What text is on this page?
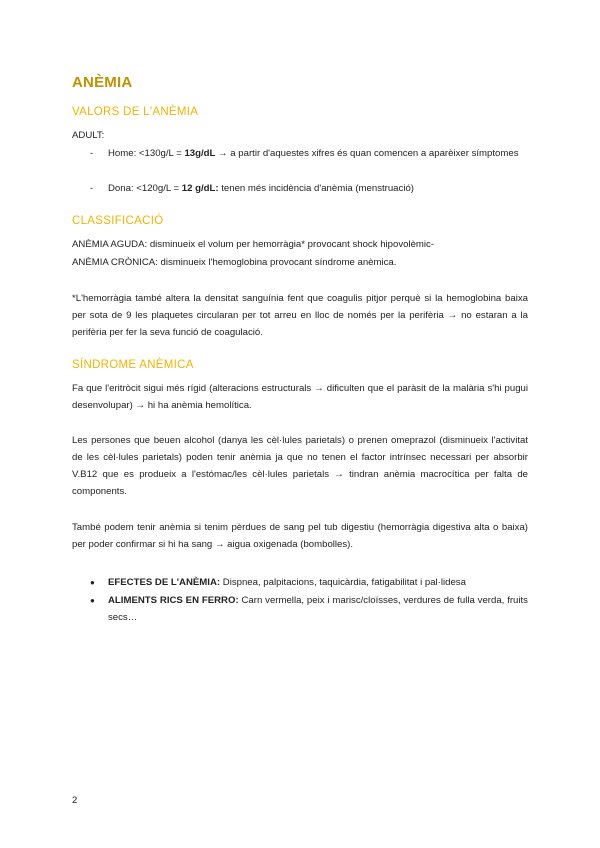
ANÈMIA
VALORS DE L'ANÈMIA
ADULT:
- Home: <130g/L = 13g/dL → a partir d'aquestes xifres és quan comencen a aparèixer símptomes
- Dona: <120g/L = 12 g/dL: tenen més incidència d'anèmia (menstruació)
CLASSIFICACIÓ
ANÈMIA AGUDA: disminueix el volum per hemorràgia* provocant shock hipovolèmic-
ANÈMIA CRÒNICA: disminueix l'hemoglobina provocant síndrome anèmica.
*L'hemorràgia també altera la densitat sanguínia fent que coagulis pitjor perquè si la hemoglobina baixa per sota de 9 les plaquetes circularan per tot arreu en lloc de només per la perifèria → no estaran a la perifèria per fer la seva funció de coagulació.
SÍNDROME ANÈMICA
Fa que l'eritròcit sigui més rígid (alteracions estructurals → dificulten que el paràsit de la malària s'hi pugui desenvolupar) → hi ha anèmia hemolítica.
Les persones que beuen alcohol (danya les cèl·lules parietals) o prenen omeprazol (disminueix l'activitat de les cèl·lules parietals) poden tenir anèmia ja que no tenen el factor intrínsec necessari per absorbir V.B12 que es produeix a l'estómac/les cèl·lules parietals → tindran anèmia macrocítica per falta de components.
També podem tenir anèmia si tenim pèrdues de sang pel tub digestiu (hemorràgia digestiva alta o baixa) per poder confirmar si hi ha sang → aigua oxigenada (bombolles).
● EFECTES DE L'ANÈMIA: Dispnea, palpitacions, taquicàrdia, fatigabilitat i pal·lidesa
● ALIMENTS RICS EN FERRO: Carn vermella, peix i marisc/cloïsses, verdures de fulla verda, fruits secs…
2
